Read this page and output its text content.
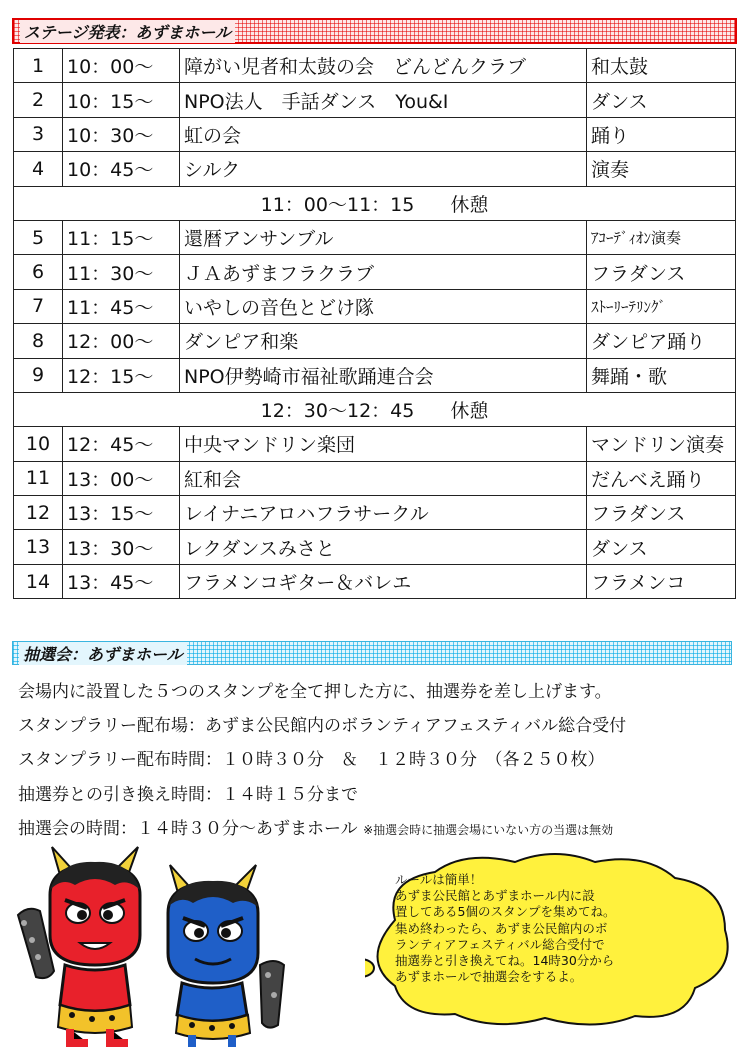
ステージ発表：あずまホール
1	10：00～	障がい児者和太鼓の会　どんどんクラブ	和太鼓
2	10：15～	NPO法人　手話ダンス　You&I	ダンス
3	10：30～	虹の会	踊り
4	10：45～	シルク	演奏
11：00～11：15 休憩			
5	11：15～	還暦アンサンブル	ｱｺｰﾃﾞｨｵﾝ演奏
6	11：30～	ＪＡあずまフラクラブ	フラダンス
7	11：45～	いやしの音色とどけ隊	ｽﾄｰﾘｰﾃﾘﾝｸﾞ
8	12：00～	ダンピア和楽	ダンピア踊り
9	12：15～	NPO伊勢崎市福祉歌踊連合会	舞踊・歌
12：30～12：45 休憩			
10	12：45～	中央マンドリン楽団	マンドリン演奏
11	13：00～	紅和会	だんべえ踊り
12	13：15～	レイナニアロハフラサークル	フラダンス
13	13：30～	レクダンスみさと	ダンス
14	13：45～	フラメンコギター＆バレエ	フラメンコ
抽選会：あずまホール
会場内に設置した５つのスタンプを全て押した方に、抽選券を差し上げます。
スタンプラリー配布場：あずま公民館内のボランティアフェスティバル総合受付
スタンプラリー配布時間：１０時３０分　＆　１２時３０分　（各２５０枚）
抽選券との引き換え時間：１４時１５分まで
抽選会の時間：１４時３０分～あずまホール ※抽選会時に抽選会場にいない方の当選は無効
ルールは簡単！
あずま公民館とあずまホール内に設
置してある5個のスタンプを集めてね。
集め終わったら、あずま公民館内のボ
ランティアフェスティバル総合受付で
抽選券と引き換えてね。14時30分から
あずまホールで抽選会をするよ。
